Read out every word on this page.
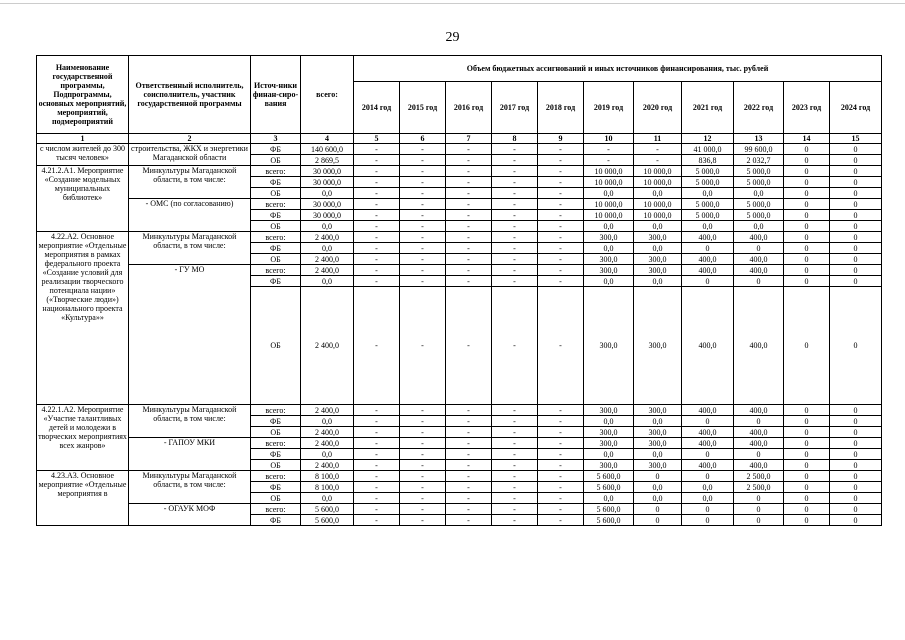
29
Наименование государственной программы, Подпрограммы, основных мероприятий, мероприятий, подмероприятий	Ответственный исполнитель, соисполнитель, участник государственной программы	Источ-ники финан-сиро-вания	всего:	Объем бюджетных ассигнований и иных источников финансирования, тыс. рублей										
				2014 год	2015 год	2016 год	2017 год	2018 год	2019 год	2020 год	2021 год	2022 год	2023 год	2024 год
1	2	3	4	5	6	7	8	9	10	11	12	13	14	15
с числом жителей до 300 тысяч человек»	строительства, ЖКХ и энергетики Магаданской области	ФБ	140 600,0	-	-	-	-	-	-	-	41 000,0	99 600,0	0	0
		ОБ	2 869,5	-	-	-	-	-	-	-	836,8	2 032,7	0	0
4.21.2.А1. Мероприятие «Создание модельных муниципальных библиотек»	Минкультуры Магаданской области, в том числе:	всего:	30 000,0	-	-	-	-	-	10 000,0	10 000,0	5 000,0	5 000,0	0	0
		ФБ	30 000,0	-	-	-	-	-	10 000,0	10 000,0	5 000,0	5 000,0	0	0
		ОБ	0,0	-	-	-	-	-	0,0	0,0	0,0	0,0	0	0
	- ОМС (по согласованию)	всего:	30 000,0	-	-	-	-	-	10 000,0	10 000,0	5 000,0	5 000,0	0	0
		ФБ	30 000,0	-	-	-	-	-	10 000,0	10 000,0	5 000,0	5 000,0	0	0
		ОБ	0,0	-	-	-	-	-	0,0	0,0	0,0	0,0	0	0
4.22.А2. Основное мероприятие «Отдельные мероприятия в рамках федерального проекта «Создание условий для реализации творческого потенциала нации» («Творческие люди») национального проекта «Культура»»	Минкультуры Магаданской области, в том числе:	всего:	2 400,0	-	-	-	-	-	300,0	300,0	400,0	400,0	0	0
		ФБ	0,0	-	-	-	-	-	0,0	0,0	0	0	0	0
		ОБ	2 400,0	-	-	-	-	-	300,0	300,0	400,0	400,0	0	0
	- ГУ МО	всего:	2 400,0	-	-	-	-	-	300,0	300,0	400,0	400,0	0	0
		ФБ	0,0	-	-	-	-	-	0,0	0,0	0	0	0	0
		ОБ	2 400,0	-	-	-	-	-	300,0	300,0	400,0	400,0	0	0
4.22.1.А2. Мероприятие «Участие талантливых детей и молодежи в творческих мероприятиях всех жанров»	Минкультуры Магаданской области, в том числе:	всего:	2 400,0	-	-	-	-	-	300,0	300,0	400,0	400,0	0	0
		ФБ	0,0	-	-	-	-	-	0,0	0,0	0	0	0	0
		ОБ	2 400,0	-	-	-	-	-	300,0	300,0	400,0	400,0	0	0
	- ГАПОУ МКИ	всего:	2 400,0	-	-	-	-	-	300,0	300,0	400,0	400,0	0	0
		ФБ	0,0	-	-	-	-	-	0,0	0,0	0	0	0	0
		ОБ	2 400,0	-	-	-	-	-	300,0	300,0	400,0	400,0	0	0
4.23.А3. Основное мероприятие «Отдельные мероприятия в	Минкультуры Магаданской области, в том числе:	всего:	8 100,0	-	-	-	-	-	5 600,0	0	0	2 500,0	0	0
		ФБ	8 100,0	-	-	-	-	-	5 600,0	0,0	0,0	2 500,0	0	0
		ОБ	0,0	-	-	-	-	-	0,0	0,0	0,0	0	0	0
	- ОГАУК МОФ	всего:	5 600,0	-	-	-	-	-	5 600,0	0	0	0	0	0
		ФБ	5 600,0	-	-	-	-	-	5 600,0	0	0	0	0	0
